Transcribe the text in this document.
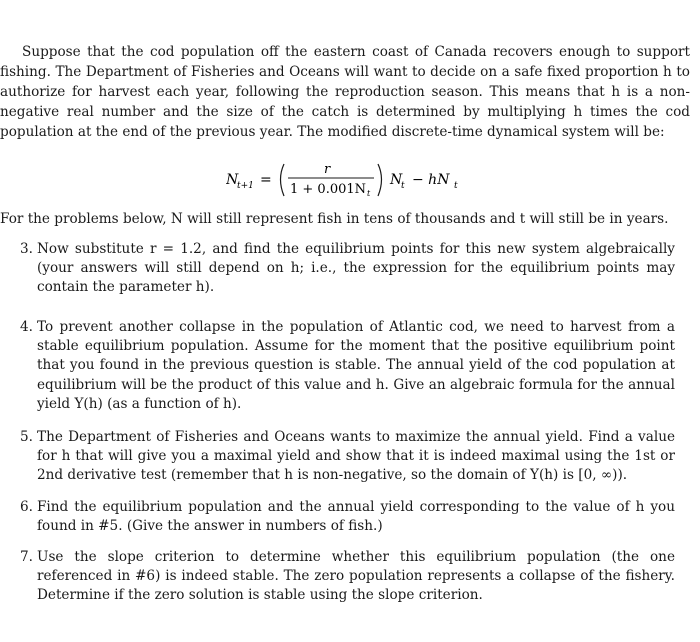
Suppose that the cod population off the eastern coast of Canada recovers enough to support fishing. The Department of Fisheries and Oceans will want to decide on a safe fixed proportion h to authorize for harvest each year, following the reproduction season. This means that h is a non-negative real number and the size of the catch is determined by multiplying h times the cod population at the end of the previous year. The modified discrete-time dynamical system will be:

N
t+1 =
r
1 + 0.001N t
N
t − hN t

For the problems below, N will still represent fish in tens of thousands and t will still be in years.

3. Now substitute r = 1.2, and find the equilibrium points for this new system algebraically (your answers will still depend on h; i.e., the expression for the equilibrium points may contain the parameter h).
4. To prevent another collapse in the population of Atlantic cod, we need to harvest from a stable equilibrium population. Assume for the moment that the positive equilibrium point that you found in the previous question is stable. The annual yield of the cod population at equilibrium will be the product of this value and h. Give an algebraic formula for the annual yield Y(h) (as a function of h).
5. The Department of Fisheries and Oceans wants to maximize the annual yield. Find a value for h that will give you a maximal yield and show that it is indeed maximal using the 1st or 2nd derivative test (remember that h is non-negative, so the domain of Y(h) is [0, ∞)).
6. Find the equilibrium population and the annual yield corresponding to the value of h you found in #5. (Give the answer in numbers of fish.)
7. Use the slope criterion to determine whether this equilibrium population (the one referenced in #6) is indeed stable. The zero population represents a collapse of the fishery. Determine if the zero solution is stable using the slope criterion.
